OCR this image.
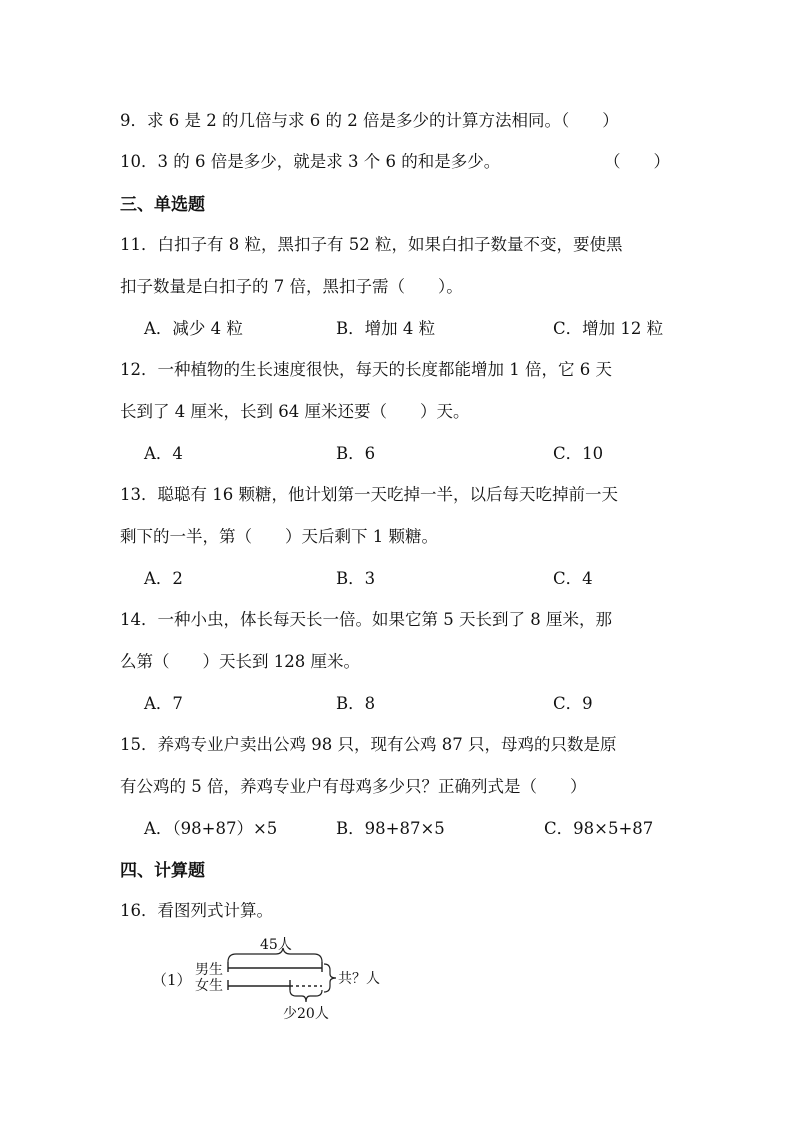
9．求 6 是 2 的几倍与求 6 的 2 倍是多少的计算方法相同。（　　）
10．3 的 6 倍是多少，就是求 3 个 6 的和是多少。	（　　）
三、单选题
11．白扣子有 8 粒，黑扣子有 52 粒，如果白扣子数量不变，要使黑
扣子数量是白扣子的 7 倍，黑扣子需（　　）。
A．减少 4 粒	B．增加 4 粒	C．增加 12 粒
12．一种植物的生长速度很快，每天的长度都能增加 1 倍，它 6 天
长到了 4 厘米，长到 64 厘米还要（　　）天。
A．4	B．6	C．10
13．聪聪有 16 颗糖，他计划第一天吃掉一半，以后每天吃掉前一天
剩下的一半，第（　　）天后剩下 1 颗糖。
A．2	B．3	C．4
14．一种小虫，体长每天长一倍。如果它第 5 天长到了 8 厘米，那
么第（　　）天长到 128 厘米。
A．7	B．8	C．9
15．养鸡专业户卖出公鸡 98 只，现有公鸡 87 只，母鸡的只数是原
有公鸡的 5 倍，养鸡专业户有母鸡多少只？正确列式是（　　）
A．（98+87）×5	B．98+87×5	C．98×5+87
四、计算题
16．看图列式计算。
（1）
男生
女生
45人
少20人
共？人
